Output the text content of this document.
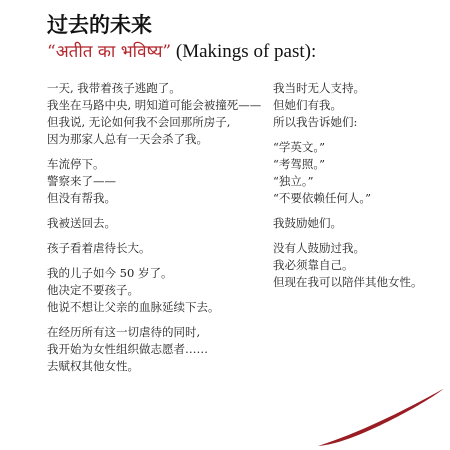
过去的未来
“अतीत का भविष्य” (Makings of past):
一天, 我带着孩子逃跑了。
我坐在马路中央, 明知道可能会被撞死——
但我说, 无论如何我不会回那所房子,
因为那家人总有一天会杀了我。
车流停下。
警察来了——
但没有帮我。
我被送回去。
孩子看着虐待长大。
我的儿子如今 50 岁了。
他决定不要孩子。
他说不想让父亲的血脉延续下去。
在经历所有这一切虐待的同时,
我开始为女性组织做志愿者……
去赋权其他女性。
我当时无人支持。
但她们有我。
所以我告诉她们:
“学英文。”
“考驾照。”
“独立。”
“不要依赖任何人。”
我鼓励她们。
没有人鼓励过我。
我必须靠自己。
但现在我可以陪伴其他女性。
